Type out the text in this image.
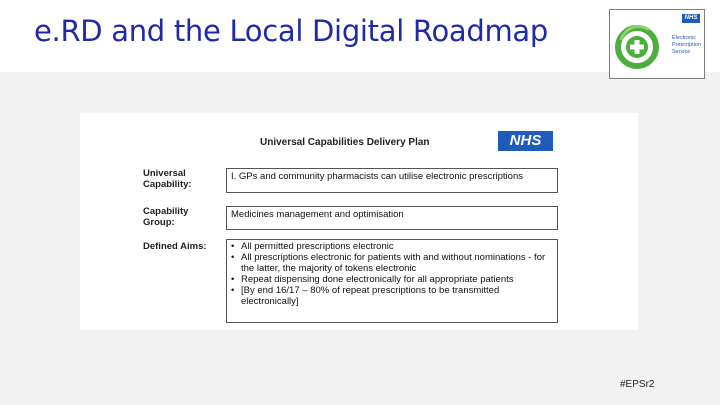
e.RD and the Local Digital Roadmap	NHS
Electronic Prescription Service
Universal Capabilities Delivery Plan	NHS
Universal Capability:
I. GPs and community pharmacists can utilise electronic prescriptions
Capability Group:
Medicines management and optimisation
Defined Aims:
•	All permitted prescriptions electronic
• All prescriptions electronic for patients with and without nominations - for the latter, the majority of tokens electronic
• Repeat dispensing done electronically for all appropriate patients
• [By end 16/17 – 80% of repeat prescriptions to be transmitted electronically]
#EPSr2
